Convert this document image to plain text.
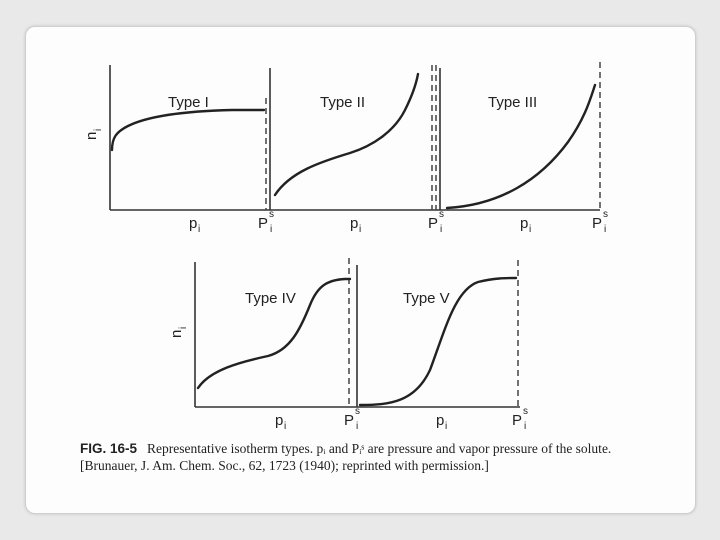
Type I	Type II	Type III
Type IV	Type V
n
i
n
i
p i	p i	p i
p i	p i
P
s
i	P
s
i	P
s
i
P
s
i	P
s
i
FIG. 16-5 Representative isotherm types. pᵢ and Pᵢˢ are pressure and vapor pressure of the solute. [Brunauer, J. Am. Chem. Soc., 62, 1723 (1940); reprinted with permission.]
